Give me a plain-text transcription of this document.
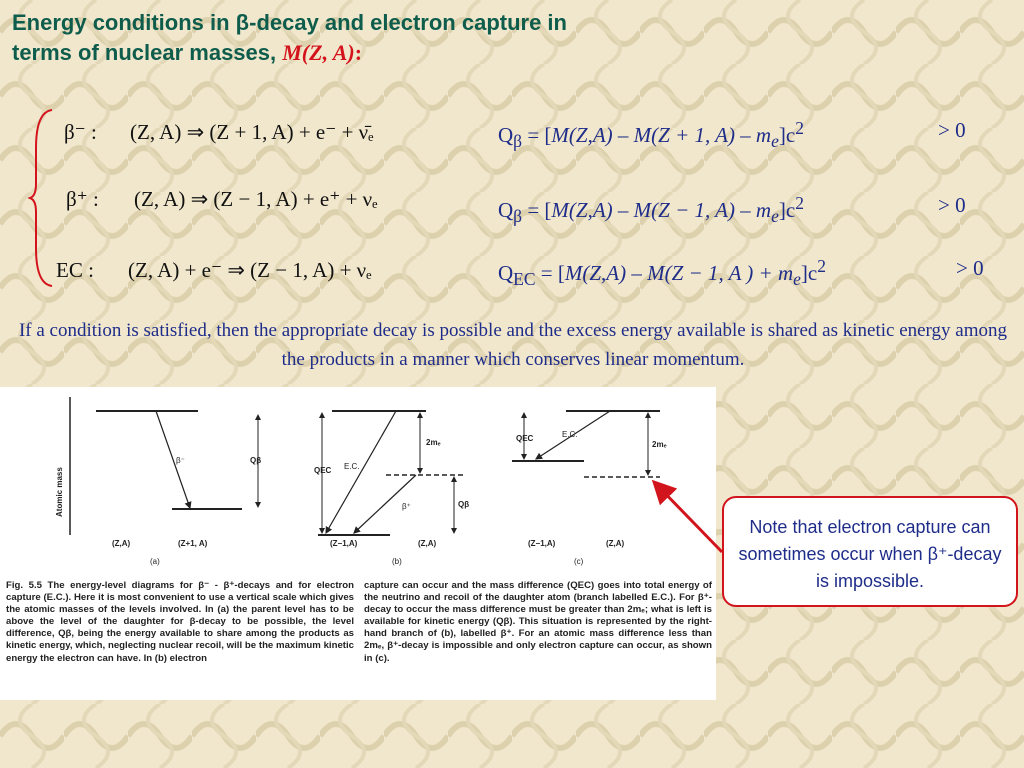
Energy conditions in β-decay and electron capture in
terms of nuclear masses, M(Z, A):
β⁻ : (Z, A) ⇒ (Z + 1, A) + e⁻ + ν̄ₑ	$Q_\beta = [M(Z,A) - M(Z + 1$, $A) - m_e]c^2$	> 0
β⁺ : (Z, A) ⇒ (Z − 1, A) + e⁺ + νₑ	$Q_\beta = [M(Z,A) - M(Z - 1$, $A) - m_e]c^2$	> 0
EC : (Z, A) + e⁻ ⇒ (Z − 1, A) + νₑ	$Q_{EC} = [M(Z,A) - M(Z - 1$, A ) + $m_e]c^2$	> 0
If a condition is satisfied, then the appropriate decay is possible and the excess energy available is shared as kinetic energy among the products in a manner which conserves linear momentum.
Atomic mass
β⁻	Qβ
(Z,A)	(Z+1, A)
(a)
QEC E.C.
2mₑ
β⁺	Qβ
(Z−1,A)	(Z,A)
(b)
QEC	E.C.
2mₑ
(Z−1,A)	(Z,A)
(c)
Fig. 5.5 The energy-level diagrams for β⁻ - β⁺-decays and for electron capture (E.C.). Here it is most convenient to use a vertical scale which gives the atomic masses of the levels involved. In (a) the parent level has to be above the level of the daughter for β-decay to be possible, the level difference, Qβ, being the energy available to share among the products as kinetic energy, which, neglecting nuclear recoil, will be the maximum kinetic energy the electron can have. In (b) electron
capture can occur and the mass difference (QEC) goes into total energy of the neutrino and recoil of the daughter atom (branch labelled E.C.). For β⁺-decay to occur the mass difference must be greater than 2mₑ; what is left is available for kinetic energy (Qβ). This situation is represented by the right-hand branch of (b), labelled β⁺. For an atomic mass difference less than 2mₑ, β⁺-decay is impossible and only electron capture can occur, as shown in (c).
Note that electron capture can sometimes occur when β⁺-decay is impossible.
